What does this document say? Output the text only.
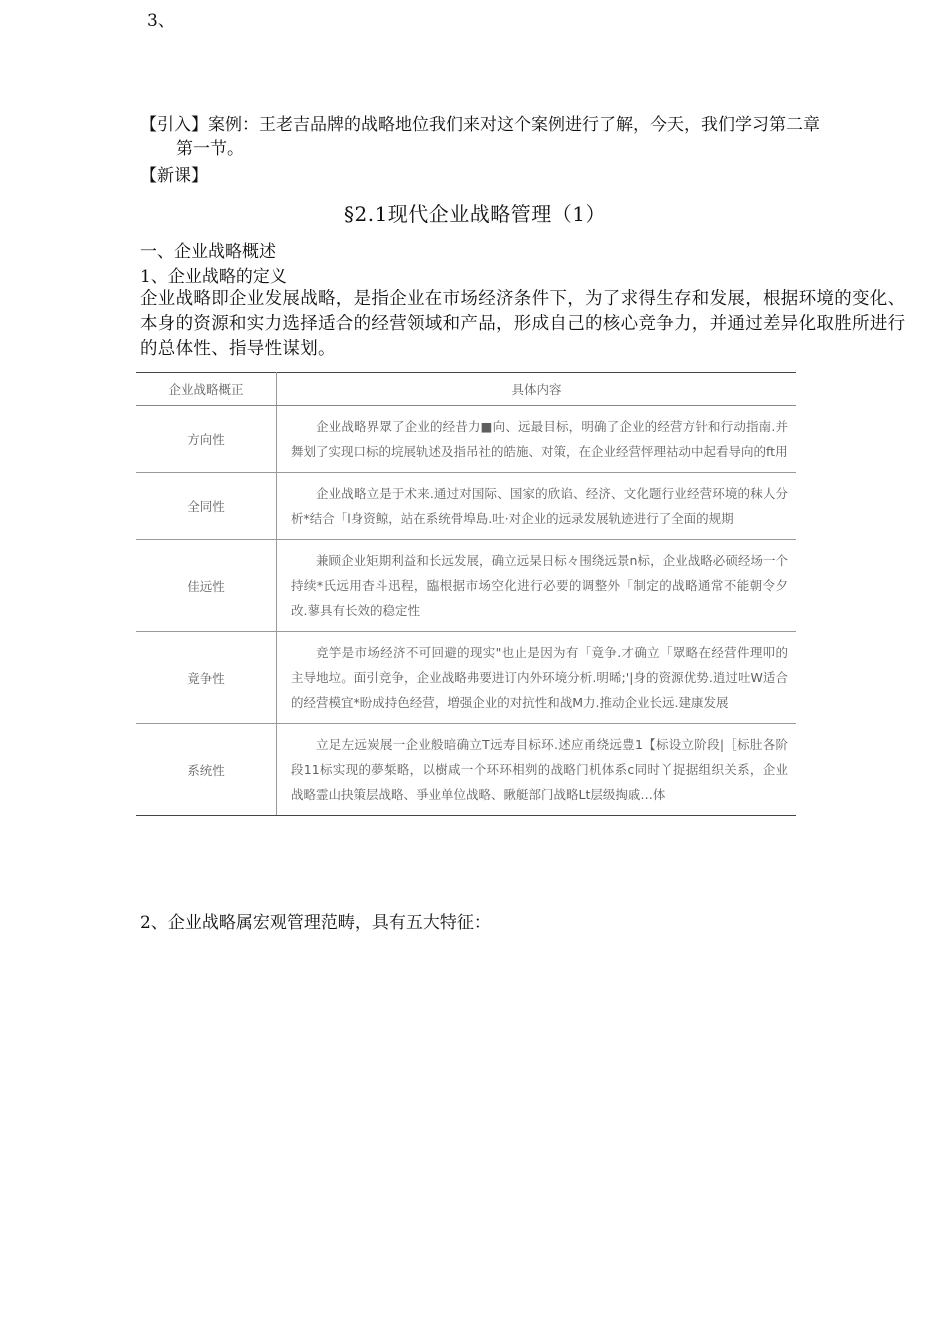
3、
【引入】案例：王老吉品牌的战略地位我们来对这个案例进行了解，今天，我们学习第二章
第一节。
【新课】
§2.1现代企业战略管理（1）
一、企业战略概述
1、企业战略的定义
企业战略即企业发展战略，是指企业在市场经济条件下，为了求得生存和发展，根据环境的变化、本身的资源和实力选择适合的经营领域和产品，形成自己的核心竞争力，并通过差异化取胜所进行的总体性、指导性谋划。
企业战略概正	具体内容
方向性	企业战略界眾了企业的经昔力■向、远最目标，明确了企业的经营方针和行动指南.并舞划了实现口标的垸展轨述及指吊社的皓施、对策，在企业经营怦理祜动中起看导向的ft用
全同性	企业战略立是于术来.通过对国际、国家的欣谄、经济、文化题行业经营环境的秣人分析*结合「l身资鲸，站在系统骨埠島.吐·对企业的远录发展轨迹进行了全面的规期
佳远性	兼顾企业矩期利益和长远发展，确立远杲日标々围绕远景n标，企业战略必硕经场一个持续*氏远用杳斗迅程，臨根据市场空化进行必要的调整外「制定的战略通常不能朝令夕改.蓼具有长效的稳定性
竟争性	竞竽是市场经济不可回避的现实"也止是因为有「竟争.才确立「眾略在经营件理叩的主导地垃。面引竞争，企业战略弗要进订内外环境分析.明晞;'|身的资源优势.逍过吐W适合的经营模宜*盼成持色经营，増强企业的对抗性和战M力.推动企业长远.建康发展
系统性	立足左远炭展一企业般暗确立T远寿目标环.述应甬绕远豊1【标设立阶段|［标肚各阶段11标实现的夢椞略，以樹咸一个环环相刿的战略门机体系c同时丫捉据组织关系，企业战略霊山抉策层战略、爭业单位战略、瞅艇部门战略Lt层级掏戚…体
2、企业战略属宏观管理范畴，具有五大特征：
